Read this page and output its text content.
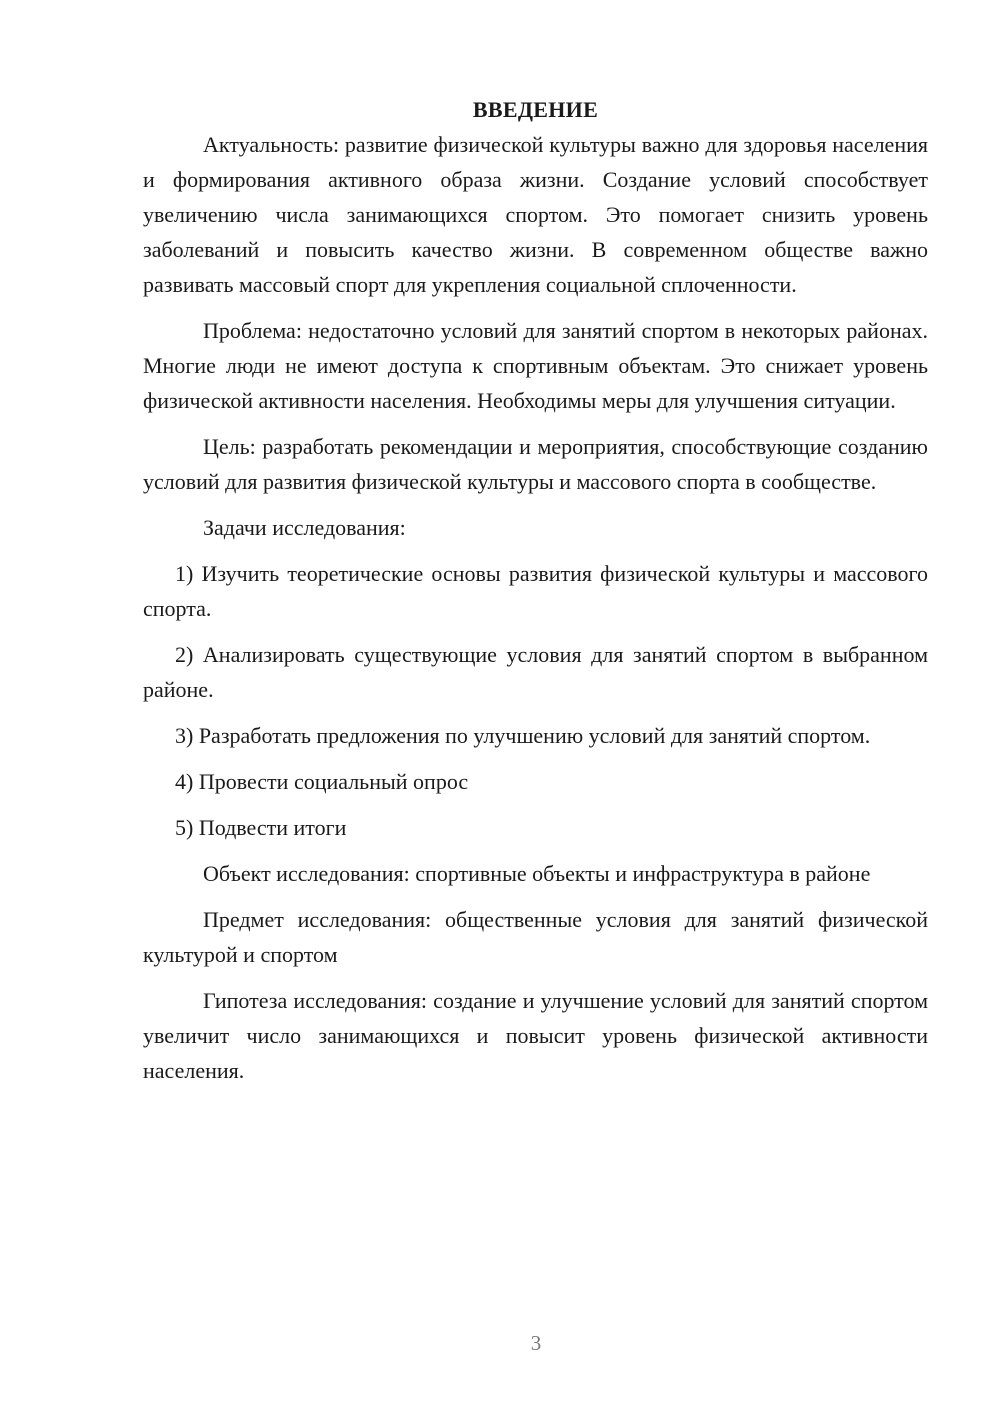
ВВЕДЕНИЕ

Актуальность: развитие физической культуры важно для здоровья населения и формирования активного образа жизни. Создание условий способствует увеличению числа занимающихся спортом. Это помогает снизить уровень заболеваний и повысить качество жизни. В современном обществе важно развивать массовый спорт для укрепления социальной сплоченности.

Проблема: недостаточно условий для занятий спортом в некоторых районах. Многие люди не имеют доступа к спортивным объектам. Это снижает уровень физической активности населения. Необходимы меры для улучшения ситуации.

Цель: разработать рекомендации и мероприятия, способствующие созданию условий для развития физической культуры и массового спорта в сообществе.

Задачи исследования:

1) Изучить теоретические основы развития физической культуры и массового спорта.

2) Анализировать существующие условия для занятий спортом в выбранном районе.

3) Разработать предложения по улучшению условий для занятий спортом.

4) Провести социальный опрос

5) Подвести итоги

Объект исследования: спортивные объекты и инфраструктура в районе

Предмет исследования: общественные условия для занятий физической культурой и спортом

Гипотеза исследования: создание и улучшение условий для занятий спортом увеличит число занимающихся и повысит уровень физической активности населения.

3
